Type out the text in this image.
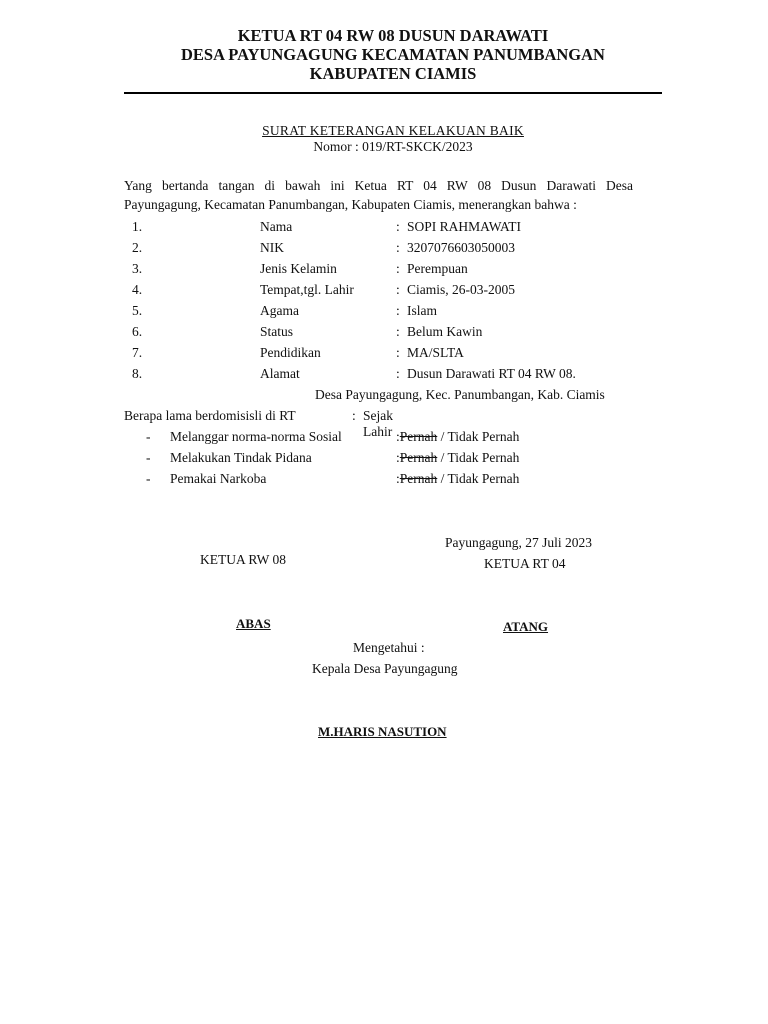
KETUA RT 04 RW 08 DUSUN DARAWATI
DESA PAYUNGAGUNG KECAMATAN PANUMBANGAN
KABUPATEN CIAMIS
SURAT KETERANGAN KELAKUAN BAIK
Nomor : 019/RT-SKCK/2023
Yang bertanda tangan di bawah ini Ketua RT 04 RW 08 Dusun Darawati Desa
Payungagung, Kecamatan Panumbangan, Kabupaten Ciamis, menerangkan bahwa :
1.	Nama	: SOPI RAHMAWATI
2.	NIK	: 3207076603050003
3.	Jenis Kelamin	: Perempuan
4.	Tempat,tgl. Lahir	: Ciamis, 26-03-2005
5.	Agama	: Islam
6.	Status	: Belum Kawin
7.	Pendidikan	: MA/SLTA
8.	Alamat	: Dusun Darawati RT 04 RW 08.
Desa Payungagung, Kec. Panumbangan, Kab. Ciamis
Berapa lama berdomisisli di RT	: Sejak Lahir
- Melanggar norma-norma Sosial	:Pernah / Tidak Pernah
- Melakukan Tindak Pidana	:Pernah / Tidak Pernah
- Pemakai Narkoba	:Pernah / Tidak Pernah
Payungagung, 27 Juli 2023
KETUA RW 08	KETUA RT 04
ABAS	ATANG
Mengetahui :
Kepala Desa Payungagung
M.HARIS NASUTION
